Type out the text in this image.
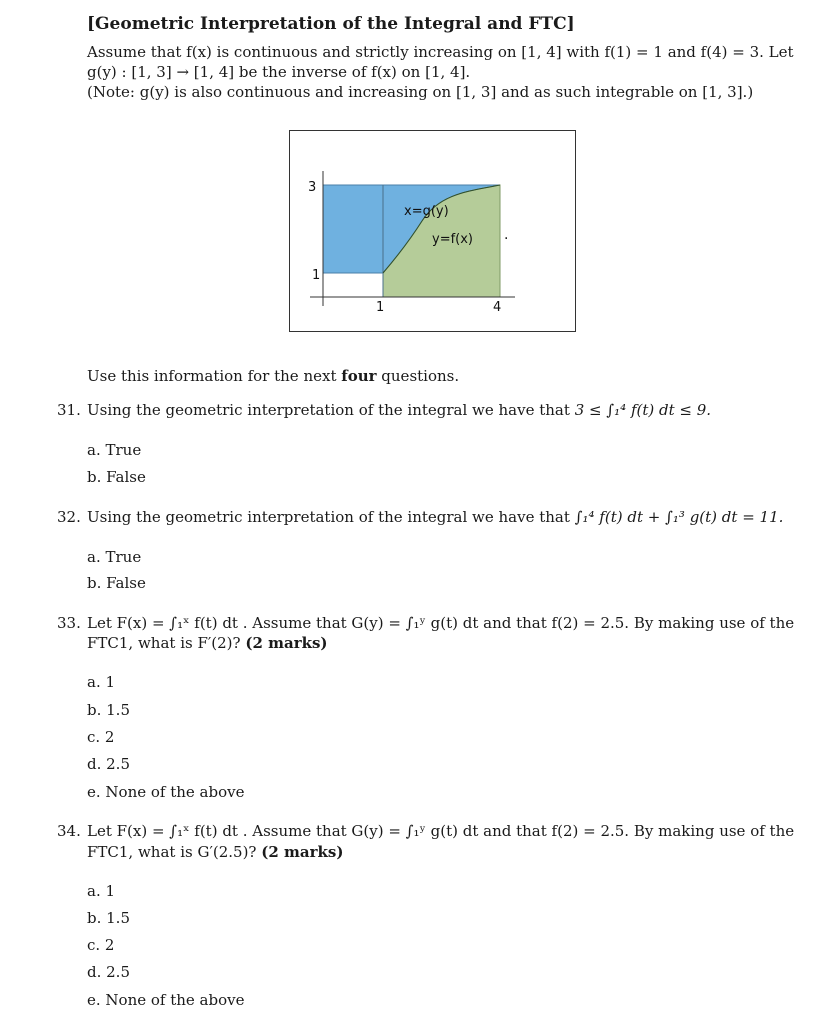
[Geometric Interpretation of the Integral and FTC]
Assume that f(x) is continuous and strictly increasing on [1, 4] with f(1) = 1 and f(4) = 3. Let
g(y) : [1, 3] → [1, 4] be the inverse of f(x) on [1, 4].
(Note: g(y) is also continuous and increasing on [1, 3] and as such integrable on [1, 3].)
3
1
1	4
x=g(y)
y=f(x) ·
Use this information for the next four questions.
31. Using the geometric interpretation of the integral we have that 3 ≤ ∫₁⁴ f(t) dt ≤ 9.
a. True
b. False
32. Using the geometric interpretation of the integral we have that ∫₁⁴ f(t) dt + ∫₁³ g(t) dt = 11.
a. True
b. False
33. Let F(x) = ∫₁ˣ f(t) dt . Assume that G(y) = ∫₁ʸ g(t) dt and that f(2) = 2.5. By making use of the
FTC1, what is F′(2)? (2 marks)
a. 1
b. 1.5
c. 2
d. 2.5
e. None of the above
34. Let F(x) = ∫₁ˣ f(t) dt . Assume that G(y) = ∫₁ʸ g(t) dt and that f(2) = 2.5. By making use of the
FTC1, what is G′(2.5)? (2 marks)
a. 1
b. 1.5
c. 2
d. 2.5
e. None of the above
